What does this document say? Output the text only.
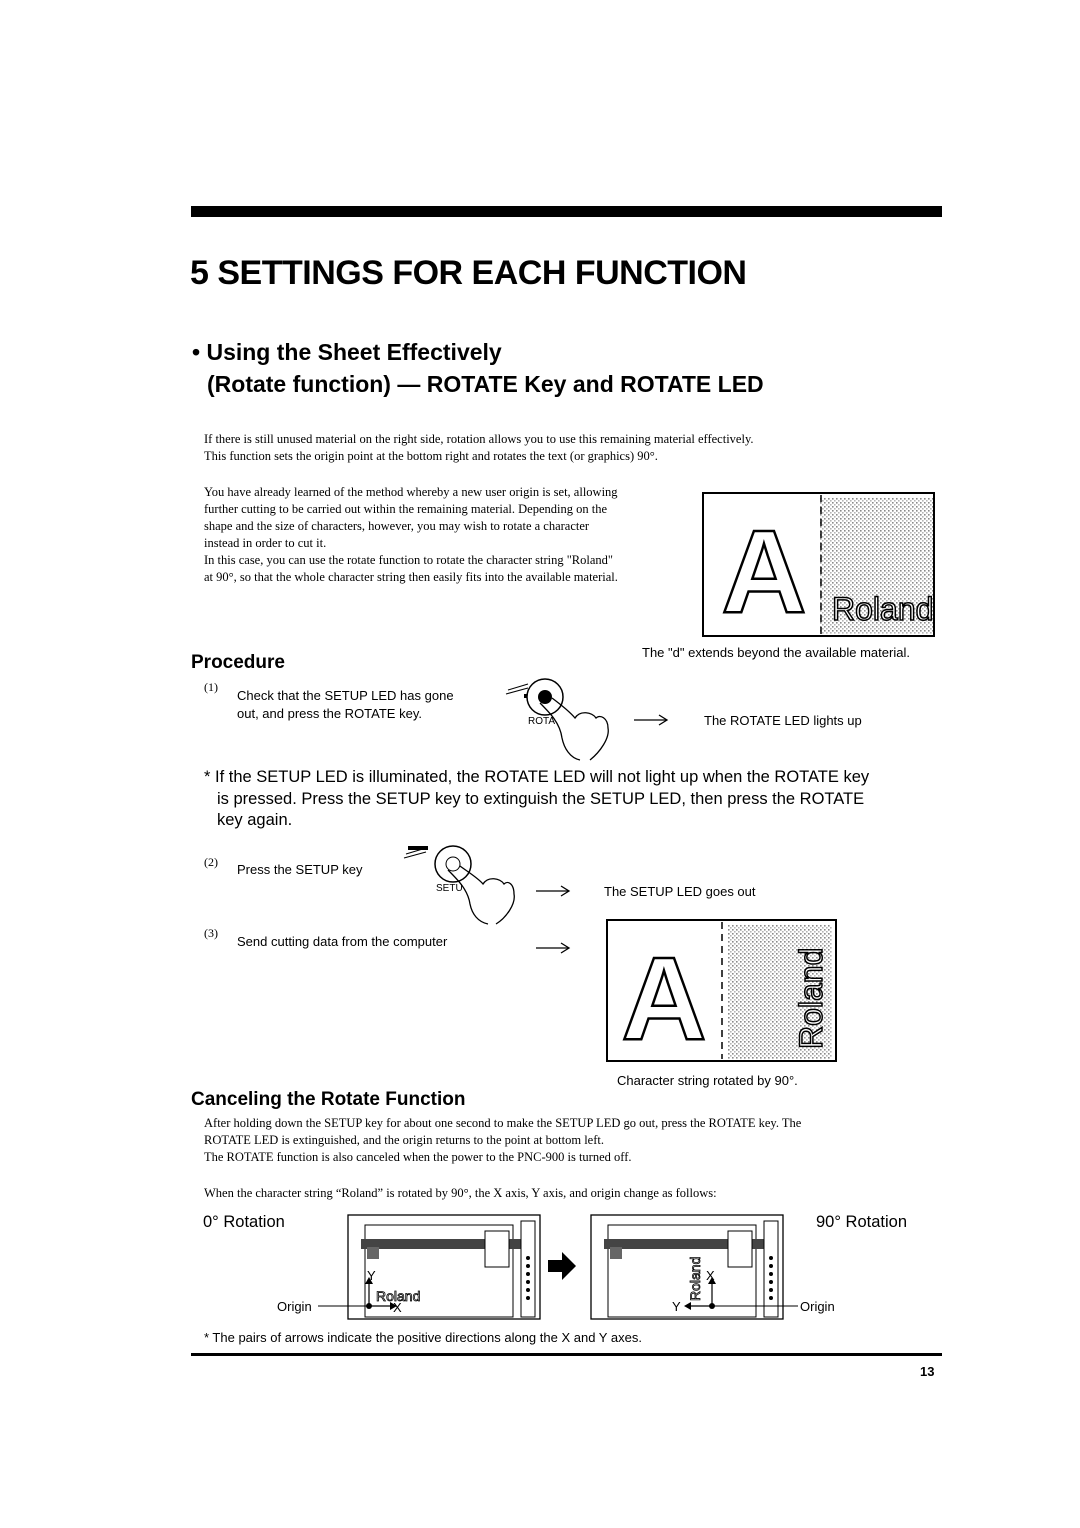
5 SETTINGS FOR EACH FUNCTION
• Using the Sheet Effectively
(Rotate function) — ROTATE Key and ROTATE LED
If there is still unused material on the right side, rotation allows you to use this remaining material effectively.
This function sets the origin point at the bottom right and rotates the text (or graphics) 90°.
You have already learned of the method whereby a new user origin is set, allowing
further cutting to be carried out within the remaining material. Depending on the
shape and the size of characters, however, you may wish to rotate a character
instead in order to cut it.
In this case, you can use the rotate function to rotate the character string "Roland"
at 90°, so that the whole character string then easily fits into the available material. A Roland
The "d" extends beyond the available material.
Procedure
(1)
Check that the SETUP LED has gone
out, and press the ROTATE key.
ROTA	The ROTATE LED lights up
* If the SETUP LED is illuminated, the ROTATE LED will not light up when the ROTATE key
is pressed. Press the SETUP key to extinguish the SETUP LED, then press the ROTATE
key again.
(2) Press the SETUP key
SETU	The SETUP LED goes out
(3)
Send cutting data from the computer A	Roland
Character string rotated by 90°.
Canceling the Rotate Function
After holding down the SETUP key for about one second to make the SETUP LED go out, press the ROTATE key. The
ROTATE LED is extinguished, and the origin returns to the point at bottom left.
The ROTATE function is also canceled when the power to the PNC-900 is turned off.
When the character string “Roland” is rotated by 90°, the X axis, Y axis, and origin change as follows:
0° Rotation	90° Rotation
Roland
Y
X
Origin
Roland X
Y	Origin
* The pairs of arrows indicate the positive directions along the X and Y axes.
13
